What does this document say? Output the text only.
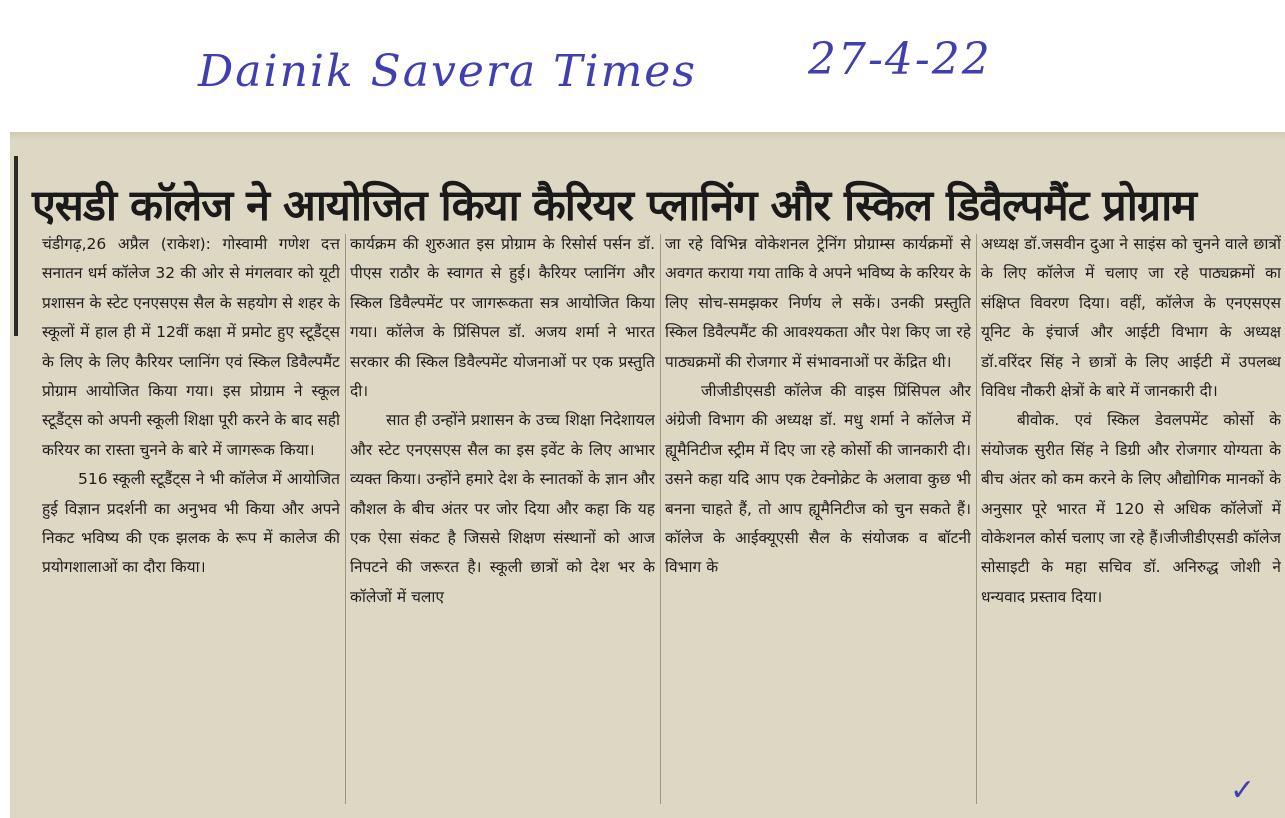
Dainik Savera Times	27-4-22
एसडी कॉलेज ने आयोजित किया कैरियर प्लानिंग और स्किल डिवैल्पमैंट प्रोग्राम

चंडीगढ़,26 अप्रैल (राकेश): गोस्वामी गणेश दत्त सनातन धर्म कॉलेज 32 की ओर से मंगलवार को यूटी प्रशासन के स्टेट एनएसएस सैल के सहयोग से शहर के स्कूलों में हाल ही में 12वीं कक्षा में प्रमोट हुए स्टूडैंट्स के लिए के लिए कैरियर प्लानिंग एवं स्किल डिवैल्पमैंट प्रोग्राम आयोजित किया गया। इस प्रोग्राम ने स्कूल स्टूडैंट्स को अपनी स्कूली शिक्षा पूरी करने के बाद सही करियर का रास्ता चुनने के बारे में जागरूक किया।

516 स्कूली स्टूडैंट्स ने भी कॉलेज में आयोजित हुई विज्ञान प्रदर्शनी का अनुभव भी किया और अपने निकट भविष्य की एक झलक के रूप में कालेज की प्रयोगशालाओं का दौरा किया।

कार्यक्रम की शुरुआत इस प्रोग्राम के रिसोर्स पर्सन डॉ. पीएस राठौर के स्वागत से हुई। कैरियर प्लानिंग और स्किल डिवैल्पमेंट पर जागरूकता सत्र आयोजित किया गया। कॉलेज के प्रिंसिपल डॉ. अजय शर्मा ने भारत सरकार की स्किल डिवैल्पमेंट योजनाओं पर एक प्रस्तुति दी।

सात ही उन्होंने प्रशासन के उच्च शिक्षा निदेशायल और स्टेट एनएसएस सैल का इस इवेंट के लिए आभार व्यक्त किया। उन्होंने हमारे देश के स्नातकों के ज्ञान और कौशल के बीच अंतर पर जोर दिया और कहा कि यह एक ऐसा संकट है जिससे शिक्षण संस्थानों को आज निपटने की जरूरत है। स्कूली छात्रों को देश भर के कॉलेजों में चलाए

जा रहे विभिन्न वोकेशनल ट्रेनिंग प्रोग्राम्स कार्यक्रमों से अवगत कराया गया ताकि वे अपने भविष्य के करियर के लिए सोच-समझकर निर्णय ले सकें। उनकी प्रस्तुति स्किल डिवैल्पमैंट की आवश्यकता और पेश किए जा रहे पाठ्यक्रमों की रोजगार में संभावनाओं पर केंद्रित थी।

जीजीडीएसडी कॉलेज की वाइस प्रिंसिपल और अंग्रेजी विभाग की अध्यक्ष डॉ. मधु शर्मा ने कॉलेज में ह्यूमैनिटीज स्ट्रीम में दिए जा रहे कोर्सो की जानकारी दी। उसने कहा यदि आप एक टेक्नोक्रेट के अलावा कुछ भी बनना चाहते हैं, तो आप ह्यूमैनिटीज को चुन सकते हैं। कॉलेज के आईक्यूएसी सैल के संयोजक व बॉटनी विभाग के

अध्यक्ष डॉ.जसवीन दुआ ने साइंस को चुनने वाले छात्रों के लिए कॉलेज में चलाए जा रहे पाठ्यक्रमों का संक्षिप्त विवरण दिया। वहीं, कॉलेज के एनएसएस यूनिट के इंचार्ज और आईटी विभाग के अध्यक्ष डॉ.वरिंदर सिंह ने छात्रों के लिए आईटी में उपलब्ध विविध नौकरी क्षेत्रों के बारे में जानकारी दी।

बीवोक. एवं स्किल डेवलपमेंट कोर्सो के संयोजक सुरीत सिंह ने डिग्री और रोजगार योग्यता के बीच अंतर को कम करने के लिए औद्योगिक मानकों के अनुसार पूरे भारत में 120 से अधिक कॉलेजों में वोकेशनल कोर्स चलाए जा रहे हैं।जीजीडीएसडी कॉलेज सोसाइटी के महा सचिव डॉ. अनिरुद्ध जोशी ने धन्यवाद प्रस्ताव दिया।

✓
